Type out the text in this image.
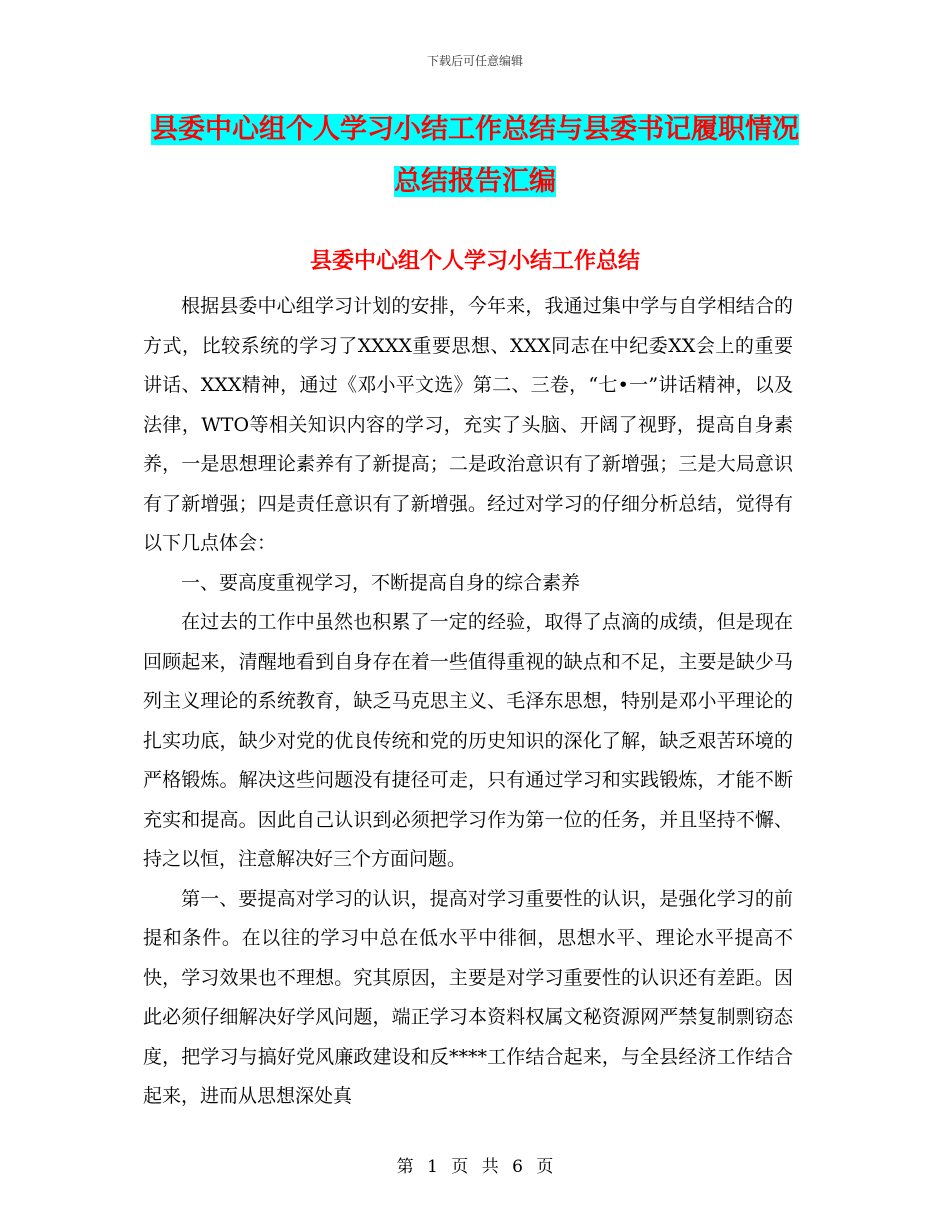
下载后可任意编辑
县委中心组个人学习小结工作总结与县委书记履职情况总结报告汇编
县委中心组个人学习小结工作总结

根据县委中心组学习计划的安排，今年来，我通过集中学与自学相结合的方式，比较系统的学习了XXXX重要思想、XXX同志在中纪委XX会上的重要讲话、XXX精神，通过《邓小平文选》第二、三卷，“七•一”讲话精神，以及法律，WTO等相关知识内容的学习，充实了头脑、开阔了视野，提高自身素养，一是思想理论素养有了新提高；二是政治意识有了新增强；三是大局意识有了新增强；四是责任意识有了新增强。经过对学习的仔细分析总结，觉得有以下几点体会：

一、要高度重视学习，不断提高自身的综合素养

在过去的工作中虽然也积累了一定的经验，取得了点滴的成绩，但是现在回顾起来，清醒地看到自身存在着一些值得重视的缺点和不足，主要是缺少马列主义理论的系统教育，缺乏马克思主义、毛泽东思想，特别是邓小平理论的扎实功底，缺少对党的优良传统和党的历史知识的深化了解，缺乏艰苦环境的严格锻炼。解决这些问题没有捷径可走，只有通过学习和实践锻炼，才能不断充实和提高。因此自己认识到必须把学习作为第一位的任务，并且坚持不懈、持之以恒，注意解决好三个方面问题。

第一、要提高对学习的认识，提高对学习重要性的认识，是强化学习的前提和条件。在以往的学习中总在低水平中徘徊，思想水平、理论水平提高不快，学习效果也不理想。究其原因，主要是对学习重要性的认识还有差距。因此必须仔细解决好学风问题，端正学习本资料权属文秘资源网严禁复制剽窃态度，把学习与搞好党风廉政建设和反****工作结合起来，与全县经济工作结合起来，进而从思想深处真

第 1 页 共 6 页
